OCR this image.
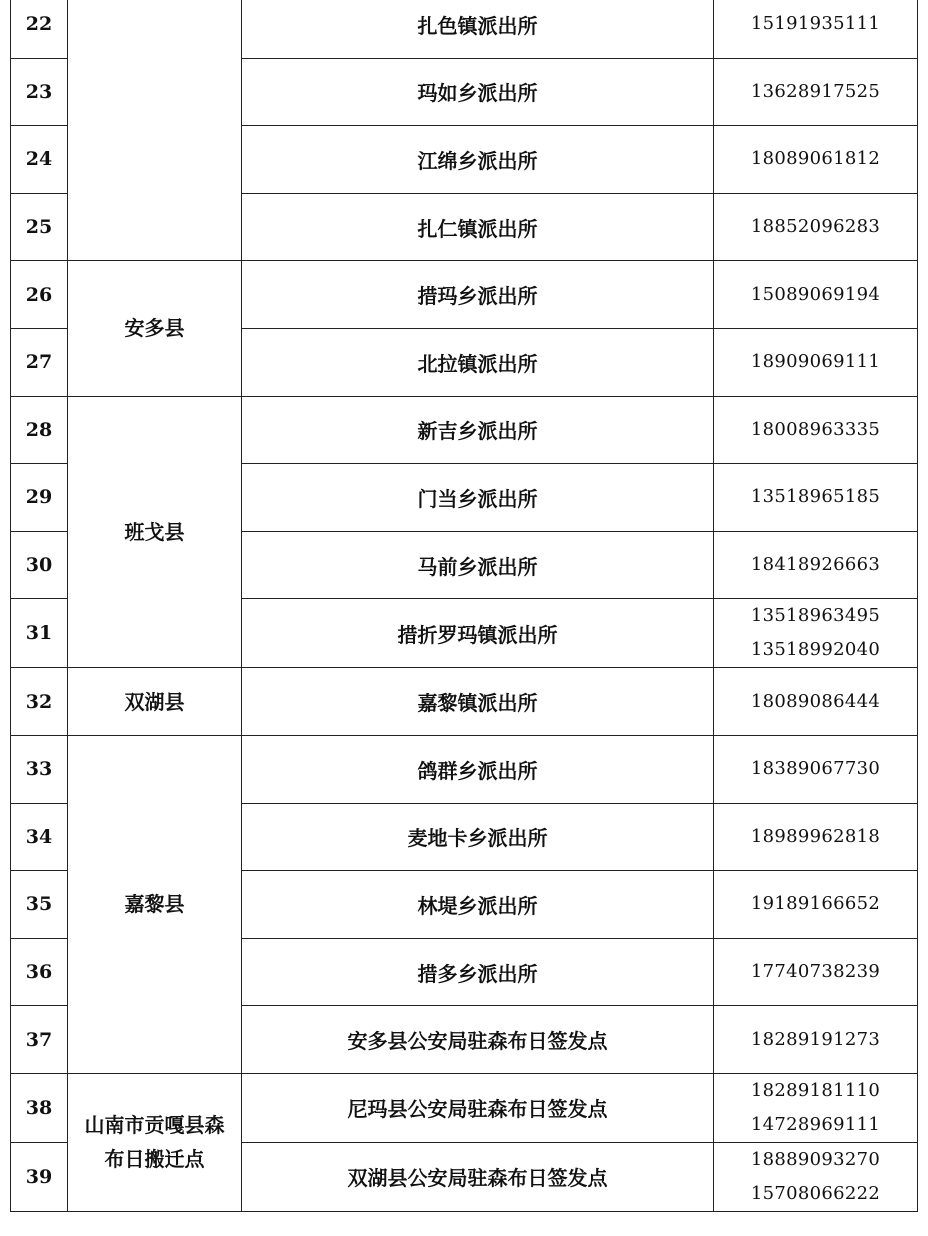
22		扎色镇派出所	15191935111

23		玛如乡派出所	13628917525

24		江绵乡派出所	18089061812

25		扎仁镇派出所	18852096283

26	安多县	措玛乡派出所	15089069194

27		北拉镇派出所	18909069111

28	班戈县	新吉乡派出所	18008963335

29		门当乡派出所	13518965185

30		马前乡派出所	18418926663

31		措折罗玛镇派出所	13518963495
13518992040

32	双湖县	嘉黎镇派出所	18089086444

33	嘉黎县	鸽群乡派出所	18389067730

34		麦地卡乡派出所	18989962818

35		林堤乡派出所	19189166652

36		措多乡派出所	17740738239

37		安多县公安局驻森布日签发点	18289191273

38	山南市贡嘎县森
布日搬迁点	尼玛县公安局驻森布日签发点	18289181110
14728969111

39		双湖县公安局驻森布日签发点	18889093270
15708066222
